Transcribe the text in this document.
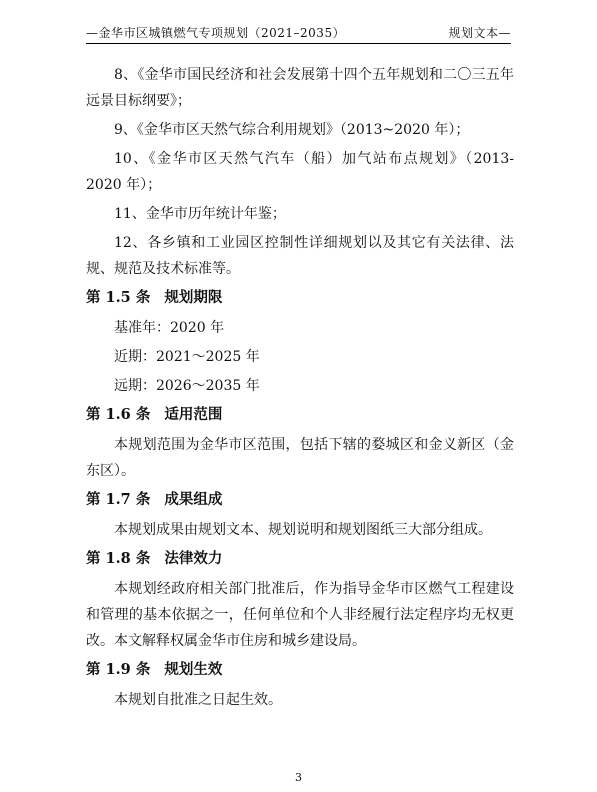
—金华市区城镇燃气专项规划（2021–2035）	规划文本—

8、《金华市国民经济和社会发展第十四个五年规划和二〇三五年远景目标纲要》；

9、《金华市区天然气综合利用规划》（2013~2020 年）；

10、《金华市区天然气汽车（船）加气站布点规划》（2013-2020 年）；

11、金华市历年统计年鉴；

12、各乡镇和工业园区控制性详细规划以及其它有关法律、法规、规范及技术标准等。

第 1.5 条 规划期限

基准年：2020 年

近期：2021～2025 年

远期：2026～2035 年

第 1.6 条 适用范围

本规划范围为金华市区范围，包括下辖的婺城区和金义新区（金东区）。

第 1.7 条 成果组成

本规划成果由规划文本、规划说明和规划图纸三大部分组成。

第 1.8 条 法律效力

本规划经政府相关部门批准后，作为指导金华市区燃气工程建设和管理的基本依据之一，任何单位和个人非经履行法定程序均无权更改。本文解释权属金华市住房和城乡建设局。

第 1.9 条 规划生效

本规划自批准之日起生效。

3
